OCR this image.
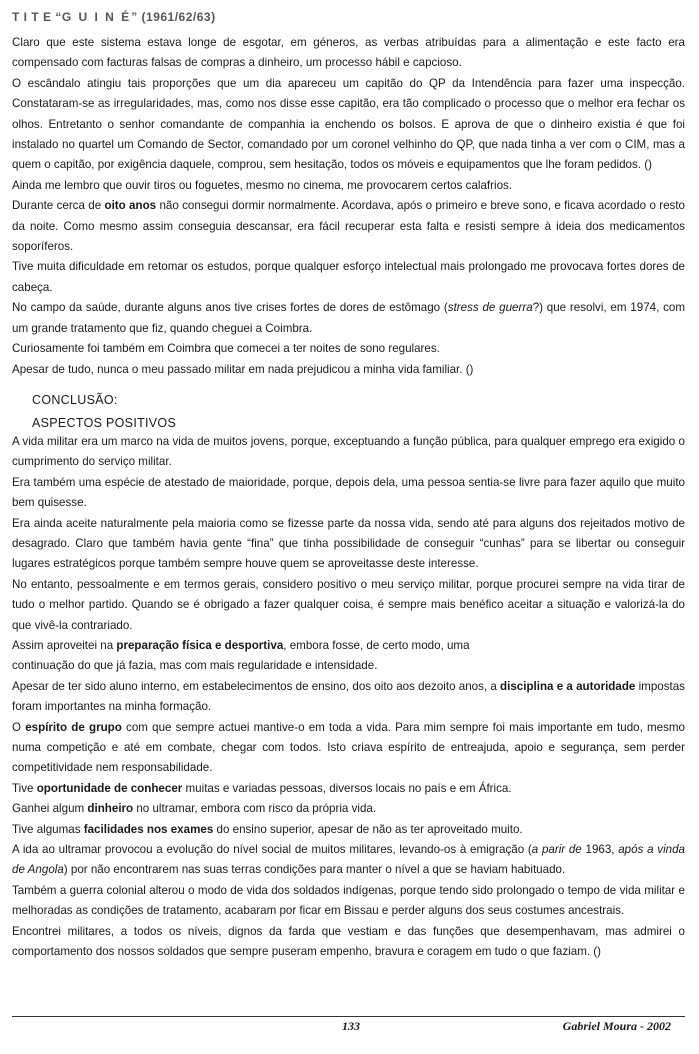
T I T E “G U I N É” (1961/62/63)

Claro que este sistema estava longe de esgotar, em géneros, as verbas atribuídas para a alimentação e este facto era compensado com facturas falsas de compras a dinheiro, um processo hábil e capcioso.

O escândalo atingiu tais proporções que um dia apareceu um capitão do QP da Intendência para fazer uma inspecção. Constataram-se as irregularidades, mas, como nos disse esse capitão, era tão complicado o processo que o melhor era fechar os olhos. Entretanto o senhor comandante de companhia ia enchendo os bolsos. E aprova de que o dinheiro existia é que foi instalado no quartel um Comando de Sector, comandado por um coronel velhinho do QP, que nada tinha a ver com o CIM, mas a quem o capitão, por exigência daquele, comprou, sem hesitação, todos os móveis e equipamentos que lhe foram pedidos. ()

Ainda me lembro que ouvir tiros ou foguetes, mesmo no cinema, me provocarem certos calafrios.

Durante cerca de oito anos não consegui dormir normalmente. Acordava, após o primeiro e breve sono, e ficava acordado o resto da noite. Como mesmo assim conseguia descansar, era fácil recuperar esta falta e resisti sempre à ideia dos medicamentos soporíferos.

Tive muita dificuldade em retomar os estudos, porque qualquer esforço intelectual mais prolongado me provocava fortes dores de cabeça.

No campo da saúde, durante alguns anos tive crises fortes de dores de estômago (stress de guerra?) que resolvi, em 1974, com um grande tratamento que fiz, quando cheguei a Coimbra.

Curiosamente foi também em Coimbra que comecei a ter noites de sono regulares.

Apesar de tudo, nunca o meu passado militar em nada prejudicou a minha vida familiar. ()

CONCLUSÃO:
ASPECTOS POSITIVOS

A vida militar era um marco na vida de muitos jovens, porque, exceptuando a função pública, para qualquer emprego era exigido o cumprimento do serviço militar.

Era também uma espécie de atestado de maioridade, porque, depois dela, uma pessoa sentia-se livre para fazer aquilo que muito bem quisesse.

Era ainda aceite naturalmente pela maioria como se fizesse parte da nossa vida, sendo até para alguns dos rejeitados motivo de desagrado. Claro que também havia gente “fina” que tinha possibilidade de conseguir “cunhas” para se libertar ou conseguir lugares estratégicos porque também sempre houve quem se aproveitasse deste interesse.

No entanto, pessoalmente e em termos gerais, considero positivo o meu serviço militar, porque procurei sempre na vida tirar de tudo o melhor partido. Quando se é obrigado a fazer qualquer coisa, é sempre mais benéfico aceitar a situação e valorizá-la do que vivê-la contrariado.

Assim aproveitei na preparação física e desportiva, embora fosse, de certo modo, uma

continuação do que já fazia, mas com mais regularidade e intensidade.

Apesar de ter sido aluno interno, em estabelecimentos de ensino, dos oito aos dezoito anos, a disciplina e a autoridade impostas foram importantes na minha formação.

O espírito de grupo com que sempre actuei mantive-o em toda a vida. Para mim sempre foi mais importante em tudo, mesmo numa competição e até em combate, chegar com todos. Isto criava espírito de entreajuda, apoio e segurança, sem perder competitividade nem responsabilidade.

Tive oportunidade de conhecer muitas e variadas pessoas, diversos locais no país e em África.

Ganhei algum dinheiro no ultramar, embora com risco da própria vida.

Tive algumas facilidades nos exames do ensino superior, apesar de não as ter aproveitado muito.

A ida ao ultramar provocou a evolução do nível social de muitos militares, levando-os à emigração (a parir de 1963, após a vinda de Angola) por não encontrarem nas suas terras condições para manter o nível a que se haviam habituado.

Também a guerra colonial alterou o modo de vida dos soldados indígenas, porque tendo sido prolongado o tempo de vida militar e melhoradas as condições de tratamento, acabaram por ficar em Bissau e perder alguns dos seus costumes ancestrais.

Encontrei militares, a todos os níveis, dignos da farda que vestiam e das funções que desempenhavam, mas admirei o comportamento dos nossos soldados que sempre puseram empenho, bravura e coragem em tudo o que faziam. ()

133	Gabriel Moura - 2002
